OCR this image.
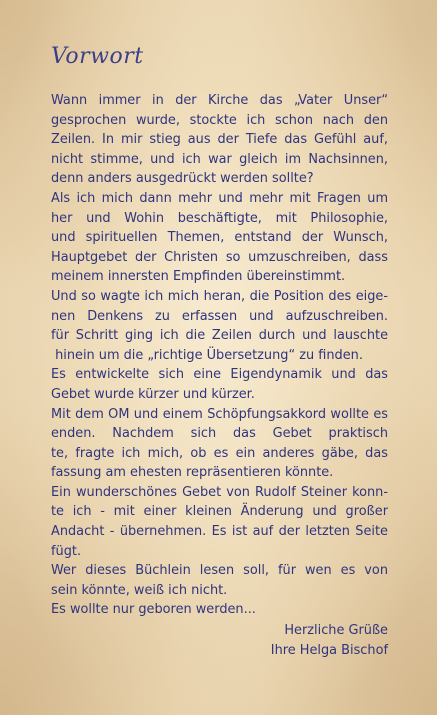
Vorwort
Wann immer in der Kirche das „Vater Unser“
gesprochen wurde, stockte ich schon nach den
Zeilen. In mir stieg aus der Tiefe das Gefühl auf,
nicht stimme, und ich war gleich im Nachsinnen,
denn anders ausgedrückt werden sollte?
Als ich mich dann mehr und mehr mit Fragen um
her und Wohin beschäftigte, mit Philosophie,
und spirituellen Themen, entstand der Wunsch,
Hauptgebet der Christen so umzuschreiben, dass
meinem innersten Empfinden übereinstimmt.
Und so wagte ich mich heran, die Position des eige-
nen Denkens zu erfassen und aufzuschreiben.
für Schritt ging ich die Zeilen durch und lauschte
hinein um die „richtige Übersetzung“ zu finden.
Es entwickelte sich eine Eigendynamik und das
Gebet wurde kürzer und kürzer.
Mit dem OM und einem Schöpfungsakkord wollte es
enden. Nachdem sich das Gebet praktisch
te, fragte ich mich, ob es ein anderes gäbe, das
fassung am ehesten repräsentieren könnte.
Ein wunderschönes Gebet von Rudolf Steiner konn-
te ich - mit einer kleinen Änderung und großer
Andacht - übernehmen. Es ist auf der letzten Seite
fügt.
Wer dieses Büchlein lesen soll, für wen es von
sein könnte, weiß ich nicht.
Es wollte nur geboren werden...
Herzliche Grüße
Ihre Helga Bischof
